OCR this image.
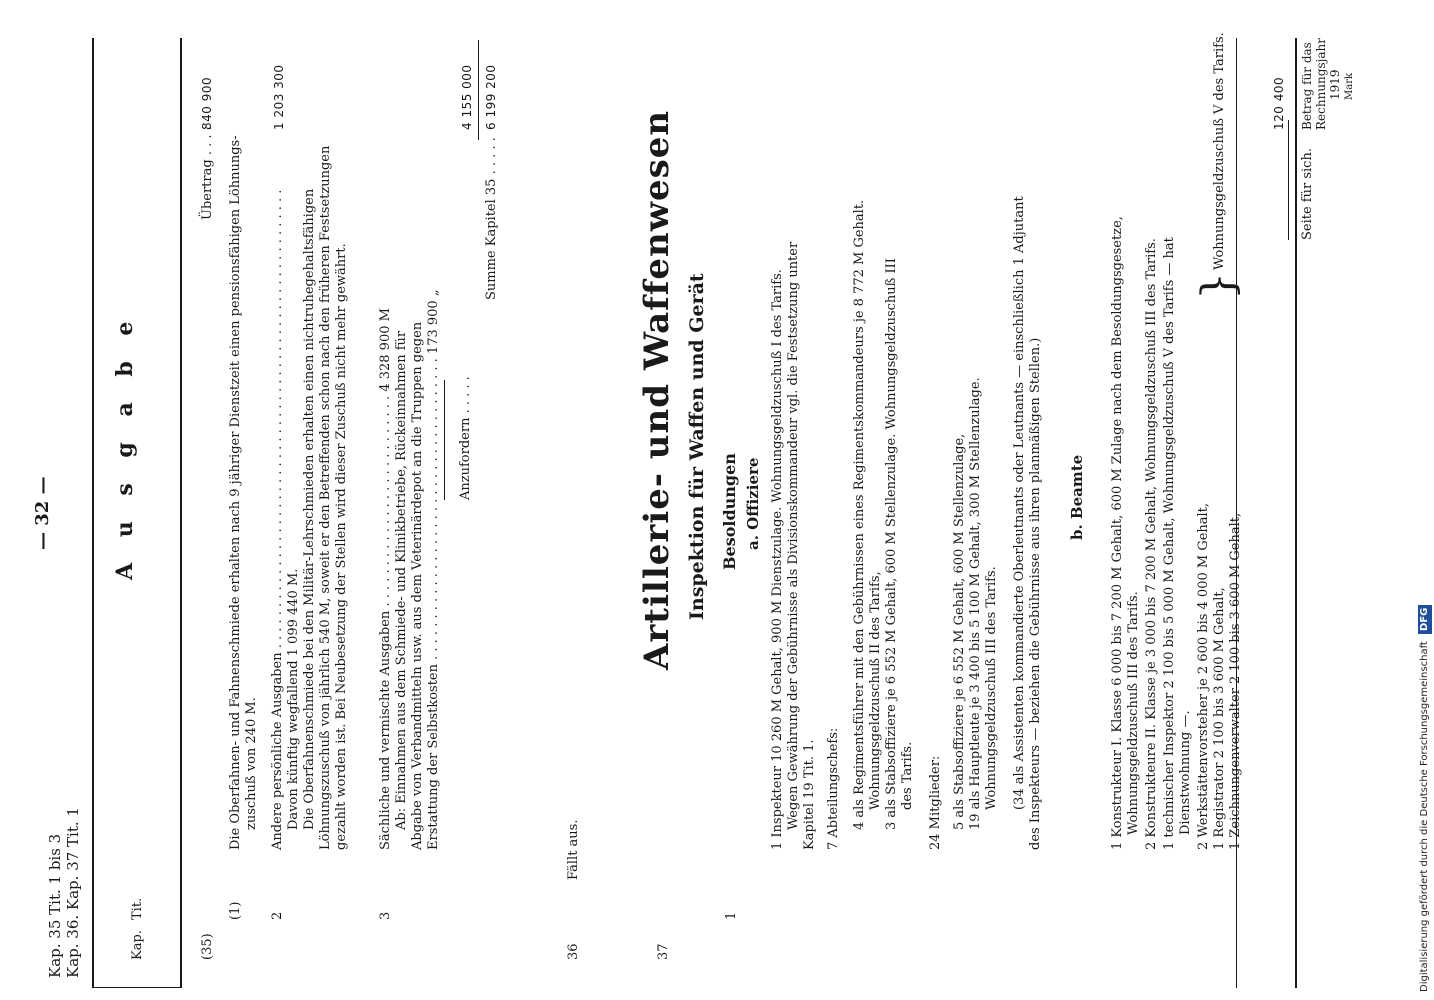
Kap. 35 Tit. 1 bis 3 Kap. 36. Kap. 37 Tit. 1
— 32 —	A u s g a b e
Kap.
Tit.
Betrag für das Rechnungsjahr 1919 Mark
(35)
(1)
Übertrag . . . .
840 900
Die Oberfahnen- und Fahnenschmiede erhalten nach 9 jähriger Dienstzeit einen pensionsfähigen Löhnungs- zuschuß von 240 M.
2
Andere persönliche Ausgaben . . . . . . . . . . . . . . . . . . . . . . . . . . . . . . . . . . . . . . . . . . . . . . . . . . . . . . . . Davon künftig wegfallend 1 099 440 M. Die Oberfahnenschmiede bei den Militär-Lehrschmieden erhalten einen nichtruhegehaltsfähigen Löhnungszuschuß von jährlich 540 M, soweit er den Betreffenden schon nach den früheren Festsetzungen gezahlt worden ist. Bei Neubesetzung der Stellen wird dieser Zuschuß nicht mehr gewährt.
1 203 300
3
Sächliche und vermischte Ausgaben . . . . . . . . . . . . . . . . . . . . . . . . . . 4 328 900 M Ab: Einnahmen aus dem Schmiede- und Klinikbetriebe, Rückeinnahmen für Abgabe von Verbandmitteln usw. aus dem Veterinärdepot an die Truppen gegen Erstattung der Selbstkosten . . . . . . . . . . . . . . . . . . . . . . . . . . . . . . . . . . . . . 173 900 „ Anzufordern . . . . .
4 155 000
Summe Kapitel 35 . . . . .
6 199 200
36
Fällt aus.
37
Artillerie- und Waffenwesen Inspektion für Waffen und Gerät Besoldungen a. Offiziere
1
1 Inspekteur 10 260 M Gehalt, 900 M Dienstzulage. Wohnungsgeldzuschuß I des Tarifs. Wegen Gewährung der Gebührnisse als Divisionskommandeur vgl. die Festsetzung unter Kapitel 19 Tit. 1. 7 Abteilungschefs: 4 als Regimentsführer mit den Gebührnissen eines Regimentskommandeurs je 8 772 M Gehalt. Wohnungsgeldzuschuß II des Tarifs, 3 als Stabsoffiziere je 6 552 M Gehalt, 600 M Stellenzulage. Wohnungsgeldzuschuß III des Tarifs. 24 Mitglieder: 5 als Stabsoffiziere je 6 552 M Gehalt, 600 M Stellenzulage, 19 als Hauptleute je 3 400 bis 5 100 M Gehalt, 300 M Stellenzulage. Wohnungsgeldzuschuß III des Tarifs. (34 als Assistenten kommandierte Oberleutnants oder Leutnants — einschließlich 1 Adjutant des Inspekteurs — beziehen die Gebührnisse aus ihren planmäßigen Stellen.) b. Beamte 1 Konstrukteur I. Klasse 6 000 bis 7 200 M Gehalt, 600 M Zulage nach dem Besoldungsgesetze, Wohnungsgeldzuschuß III des Tarifs. 2 Konstrukteure II. Klasse je 3 000 bis 7 200 M Gehalt, Wohnungsgeldzuschuß III des Tarifs. 1 technischer Inspektor 2 100 bis 5 000 M Gehalt, Wohnungsgeldzuschuß V des Tarifs — hat Dienstwohnung —. 2 Werkstättenvorsteher je 2 600 bis 4 000 M Gehalt, 1 Registrator 2 100 bis 3 600 M Gehalt, 1 Zeichnungenverwalter 2 100 bis 3 600 M Gehalt,
}
Wohnungsgeldzuschuß V des Tarifs.	120 400
Seite für sich.
Digitalisierung gefördert durch die Deutsche Forschungsgemeinschaft DFG
